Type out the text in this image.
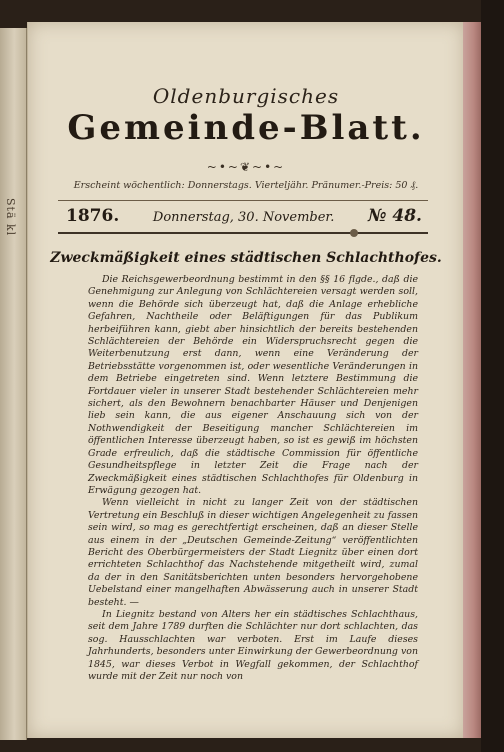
Stä kl
Oldenburgisches
Gemeinde-Blatt.
~•~❦~•~
Erscheint wöchentlich: Donnerstags. Vierteljähr. Pränumer.-Preis: 50 ₰.
1876.	Donnerstag, 30. November. № 48.
Zweckmäßigkeit eines städtischen Schlachthofes.

Die Reichsgewerbeordnung bestimmt in den §§ 16 flgde., daß die Genehmigung zur Anlegung von Schlächtereien versagt werden soll, wenn die Behörde sich überzeugt hat, daß die Anlage erhebliche Gefahren, Nachtheile oder Beläftigungen für das Publikum herbeiführen kann, giebt aber hinsichtlich der bereits bestehenden Schlächtereien der Behörde ein Widerspruchsrecht gegen die Weiterbenutzung erst dann, wenn eine Veränderung der Betriebsstätte vorgenommen ist, oder wesentliche Veränderungen in dem Betriebe eingetreten sind. Wenn letztere Bestimmung die Fortdauer vieler in unserer Stadt bestehender Schlächtereien mehr sichert, als den Bewohnern benachbarter Häuser und Denjenigen lieb sein kann, die aus eigener Anschauung sich von der Nothwendigkeit der Beseitigung mancher Schlächtereien im öffentlichen Interesse überzeugt haben, so ist es gewiß im höchsten Grade erfreulich, daß die städtische Commission für öffentliche Gesundheitspflege in letzter Zeit die Frage nach der Zweckmäßigkeit eines städtischen Schlachthofes für Oldenburg in Erwägung gezogen hat.

Wenn vielleicht in nicht zu langer Zeit von der städtischen Vertretung ein Beschluß in dieser wichtigen Angelegenheit zu fassen sein wird, so mag es gerechtfertigt erscheinen, daß an dieser Stelle aus einem in der „Deutschen Gemeinde-Zeitung“ veröffentlichten Bericht des Oberbürgermeisters der Stadt Liegnitz über einen dort errichteten Schlachthof das Nachstehende mitgetheilt wird, zumal da der in den Sanitätsberichten unten besonders hervorgehobene Uebelstand einer mangelhaften Abwässerung auch in unserer Stadt besteht. —

In Liegnitz bestand von Alters her ein städtisches Schlachthaus, seit dem Jahre 1789 durften die Schlächter nur dort schlachten, das sog. Hausschlachten war verboten. Erst im Laufe dieses Jahrhunderts, besonders unter Einwirkung der Gewerbeordnung von 1845, war dieses Verbot in Wegfall gekommen, der Schlachthof wurde mit der Zeit nur noch von
